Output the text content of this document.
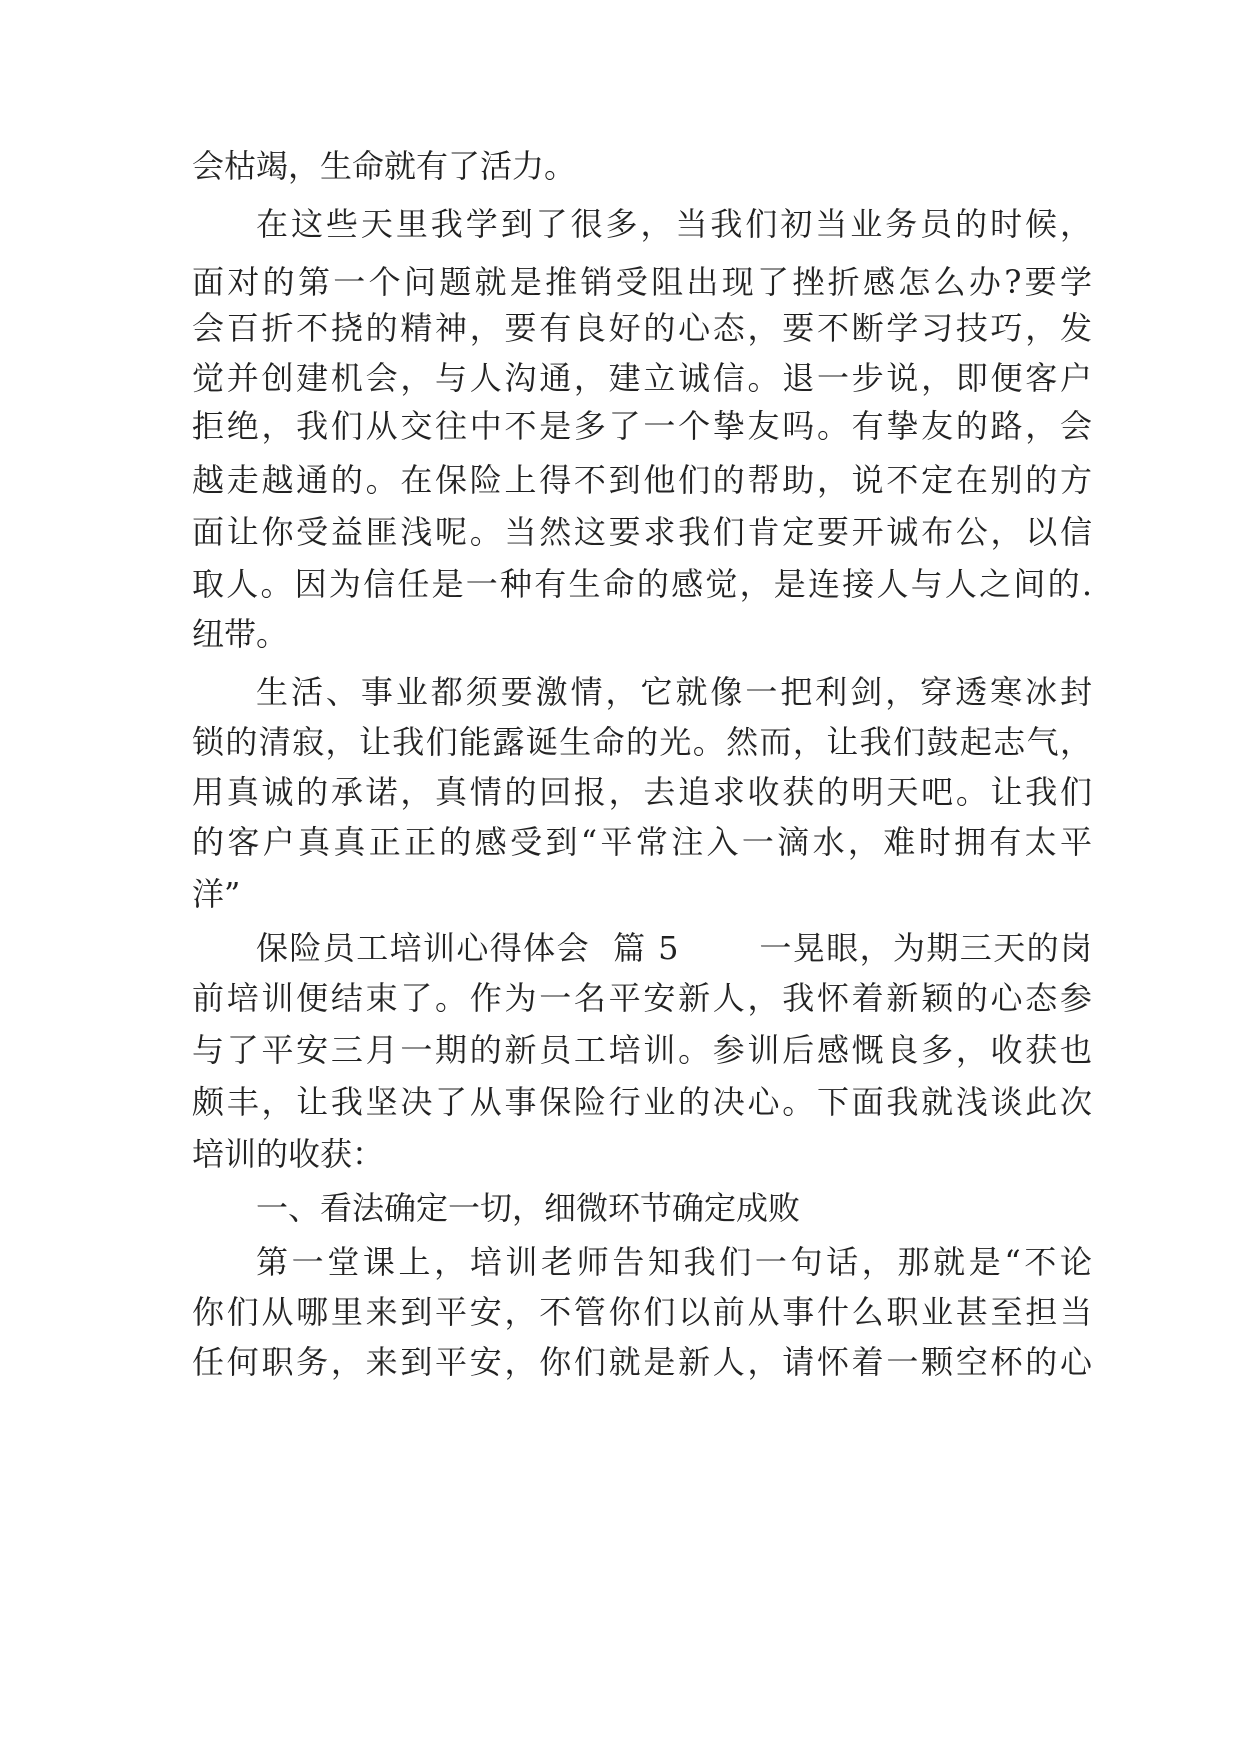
会枯竭，生命就有了活力。
在这些天里我学到了很多，当我们初当业务员的时候，
面对的第一个问题就是推销受阻出现了挫折感怎么办?要学
会百折不挠的精神，要有良好的心态，要不断学习技巧，发
觉并创建机会，与人沟通，建立诚信。退一步说，即便客户
拒绝，我们从交往中不是多了一个挚友吗。有挚友的路，会
越走越通的。在保险上得不到他们的帮助，说不定在别的方
面让你受益匪浅呢。当然这要求我们肯定要开诚布公，以信
取人。因为信任是一种有生命的感觉，是连接人与人之间的.
纽带。
生活、事业都须要激情，它就像一把利剑，穿透寒冰封
锁的清寂，让我们能露诞生命的光。然而，让我们鼓起志气，
用真诚的承诺，真情的回报，去追求收获的明天吧。让我们
的客户真真正正的感受到“平常注入一滴水，难时拥有太平
洋”
保险员工培训心得体会  篇 5       一晃眼，为期三天的岗
前培训便结束了。作为一名平安新人，我怀着新颖的心态参
与了平安三月一期的新员工培训。参训后感慨良多，收获也
颇丰，让我坚决了从事保险行业的决心。下面我就浅谈此次
培训的收获：
一、看法确定一切，细微环节确定成败
第一堂课上，培训老师告知我们一句话，那就是“不论
你们从哪里来到平安，不管你们以前从事什么职业甚至担当
任何职务，来到平安，你们就是新人，请怀着一颗空杯的心
